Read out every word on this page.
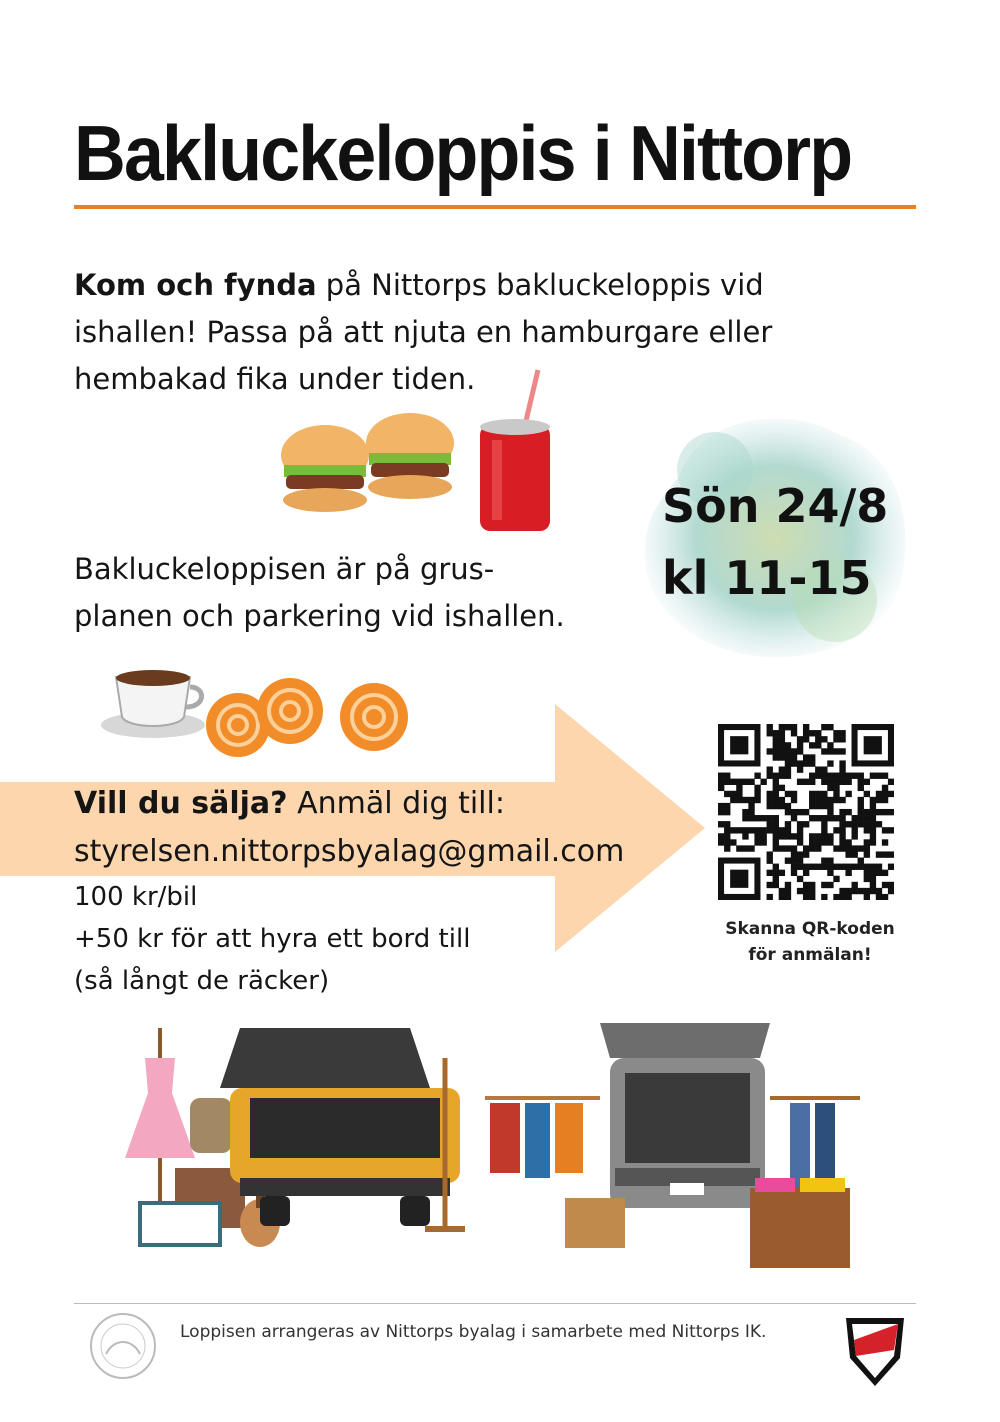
Bakluckeloppis i Nittorp
Kom och fynda på Nittorps bakluckeloppis vid
ishallen! Passa på att njuta en hamburgare eller
hembakad fika under tiden.
Sön 24/8
kl 11-15
Bakluckeloppisen är på grus-
planen och parkering vid ishallen.
Vill du sälja? Anmäl dig till:
styrelsen.nittorpsbyalag@gmail.com
100 kr/bil
+50 kr för att hyra ett bord till
(så långt de räcker)
Skanna QR-koden
för anmälan!
Loppisen arrangeras av Nittorps byalag i samarbete med Nittorps IK.
